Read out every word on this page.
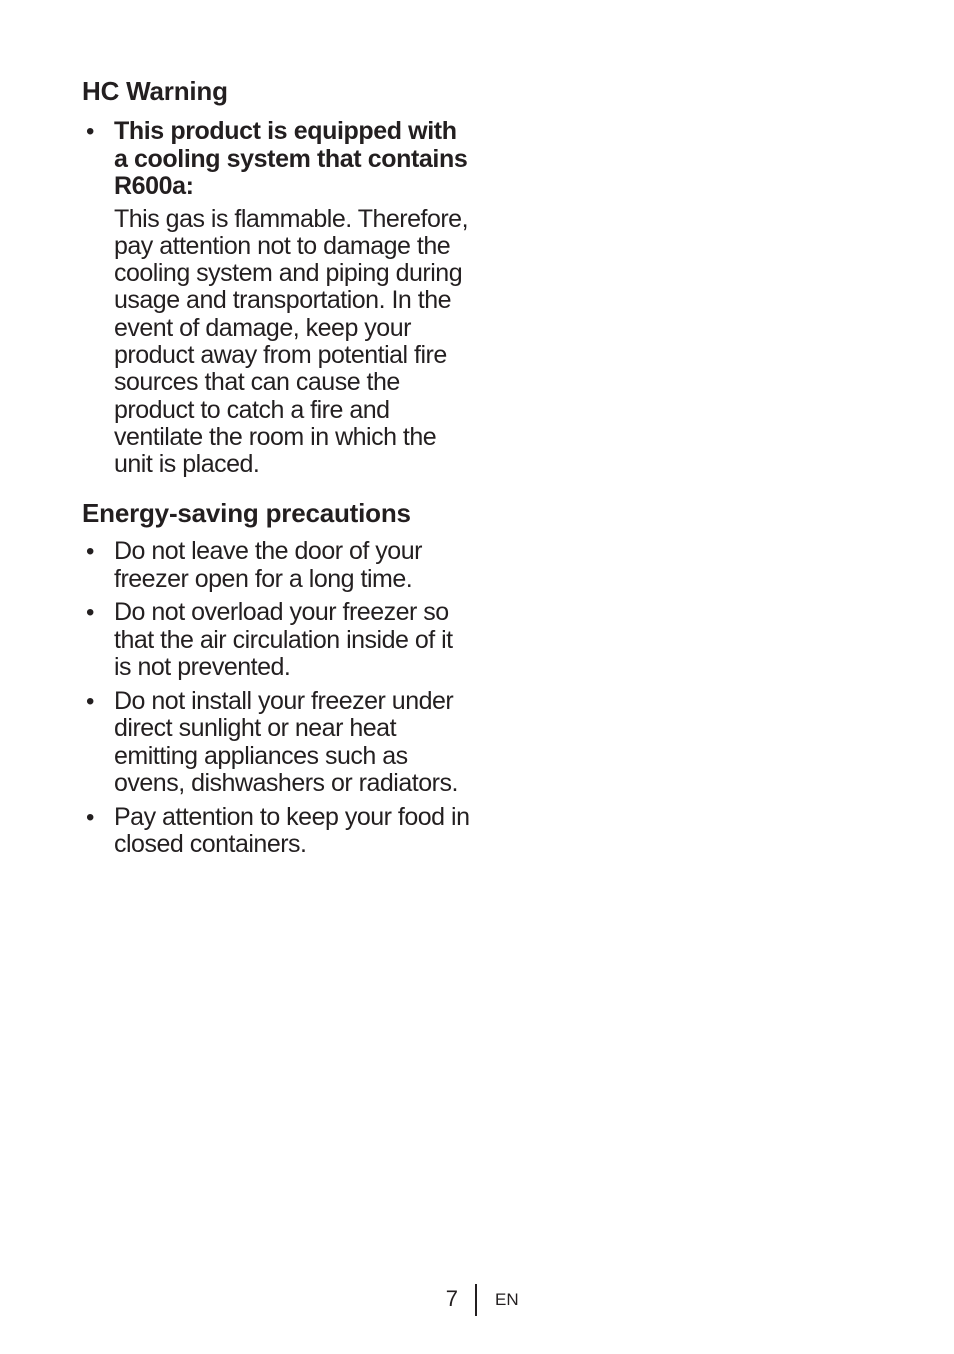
HC Warning
• This product is equipped with a cooling system that contains R600a:
This gas is flammable. Therefore, pay attention not to damage the cooling system and piping during usage and transportation. In the event of damage, keep your product away from potential fire sources that can cause the product to catch a fire and ventilate the room in which the unit is placed.
Energy-saving precautions
• Do not leave the door of your freezer open for a long time.
• Do not overload your freezer so that the air circulation inside of it is not prevented.
• Do not install your freezer under direct sunlight or near heat emitting appliances such as ovens, dishwashers or radiators.
• Pay attention to keep your food in closed containers.
7 EN
